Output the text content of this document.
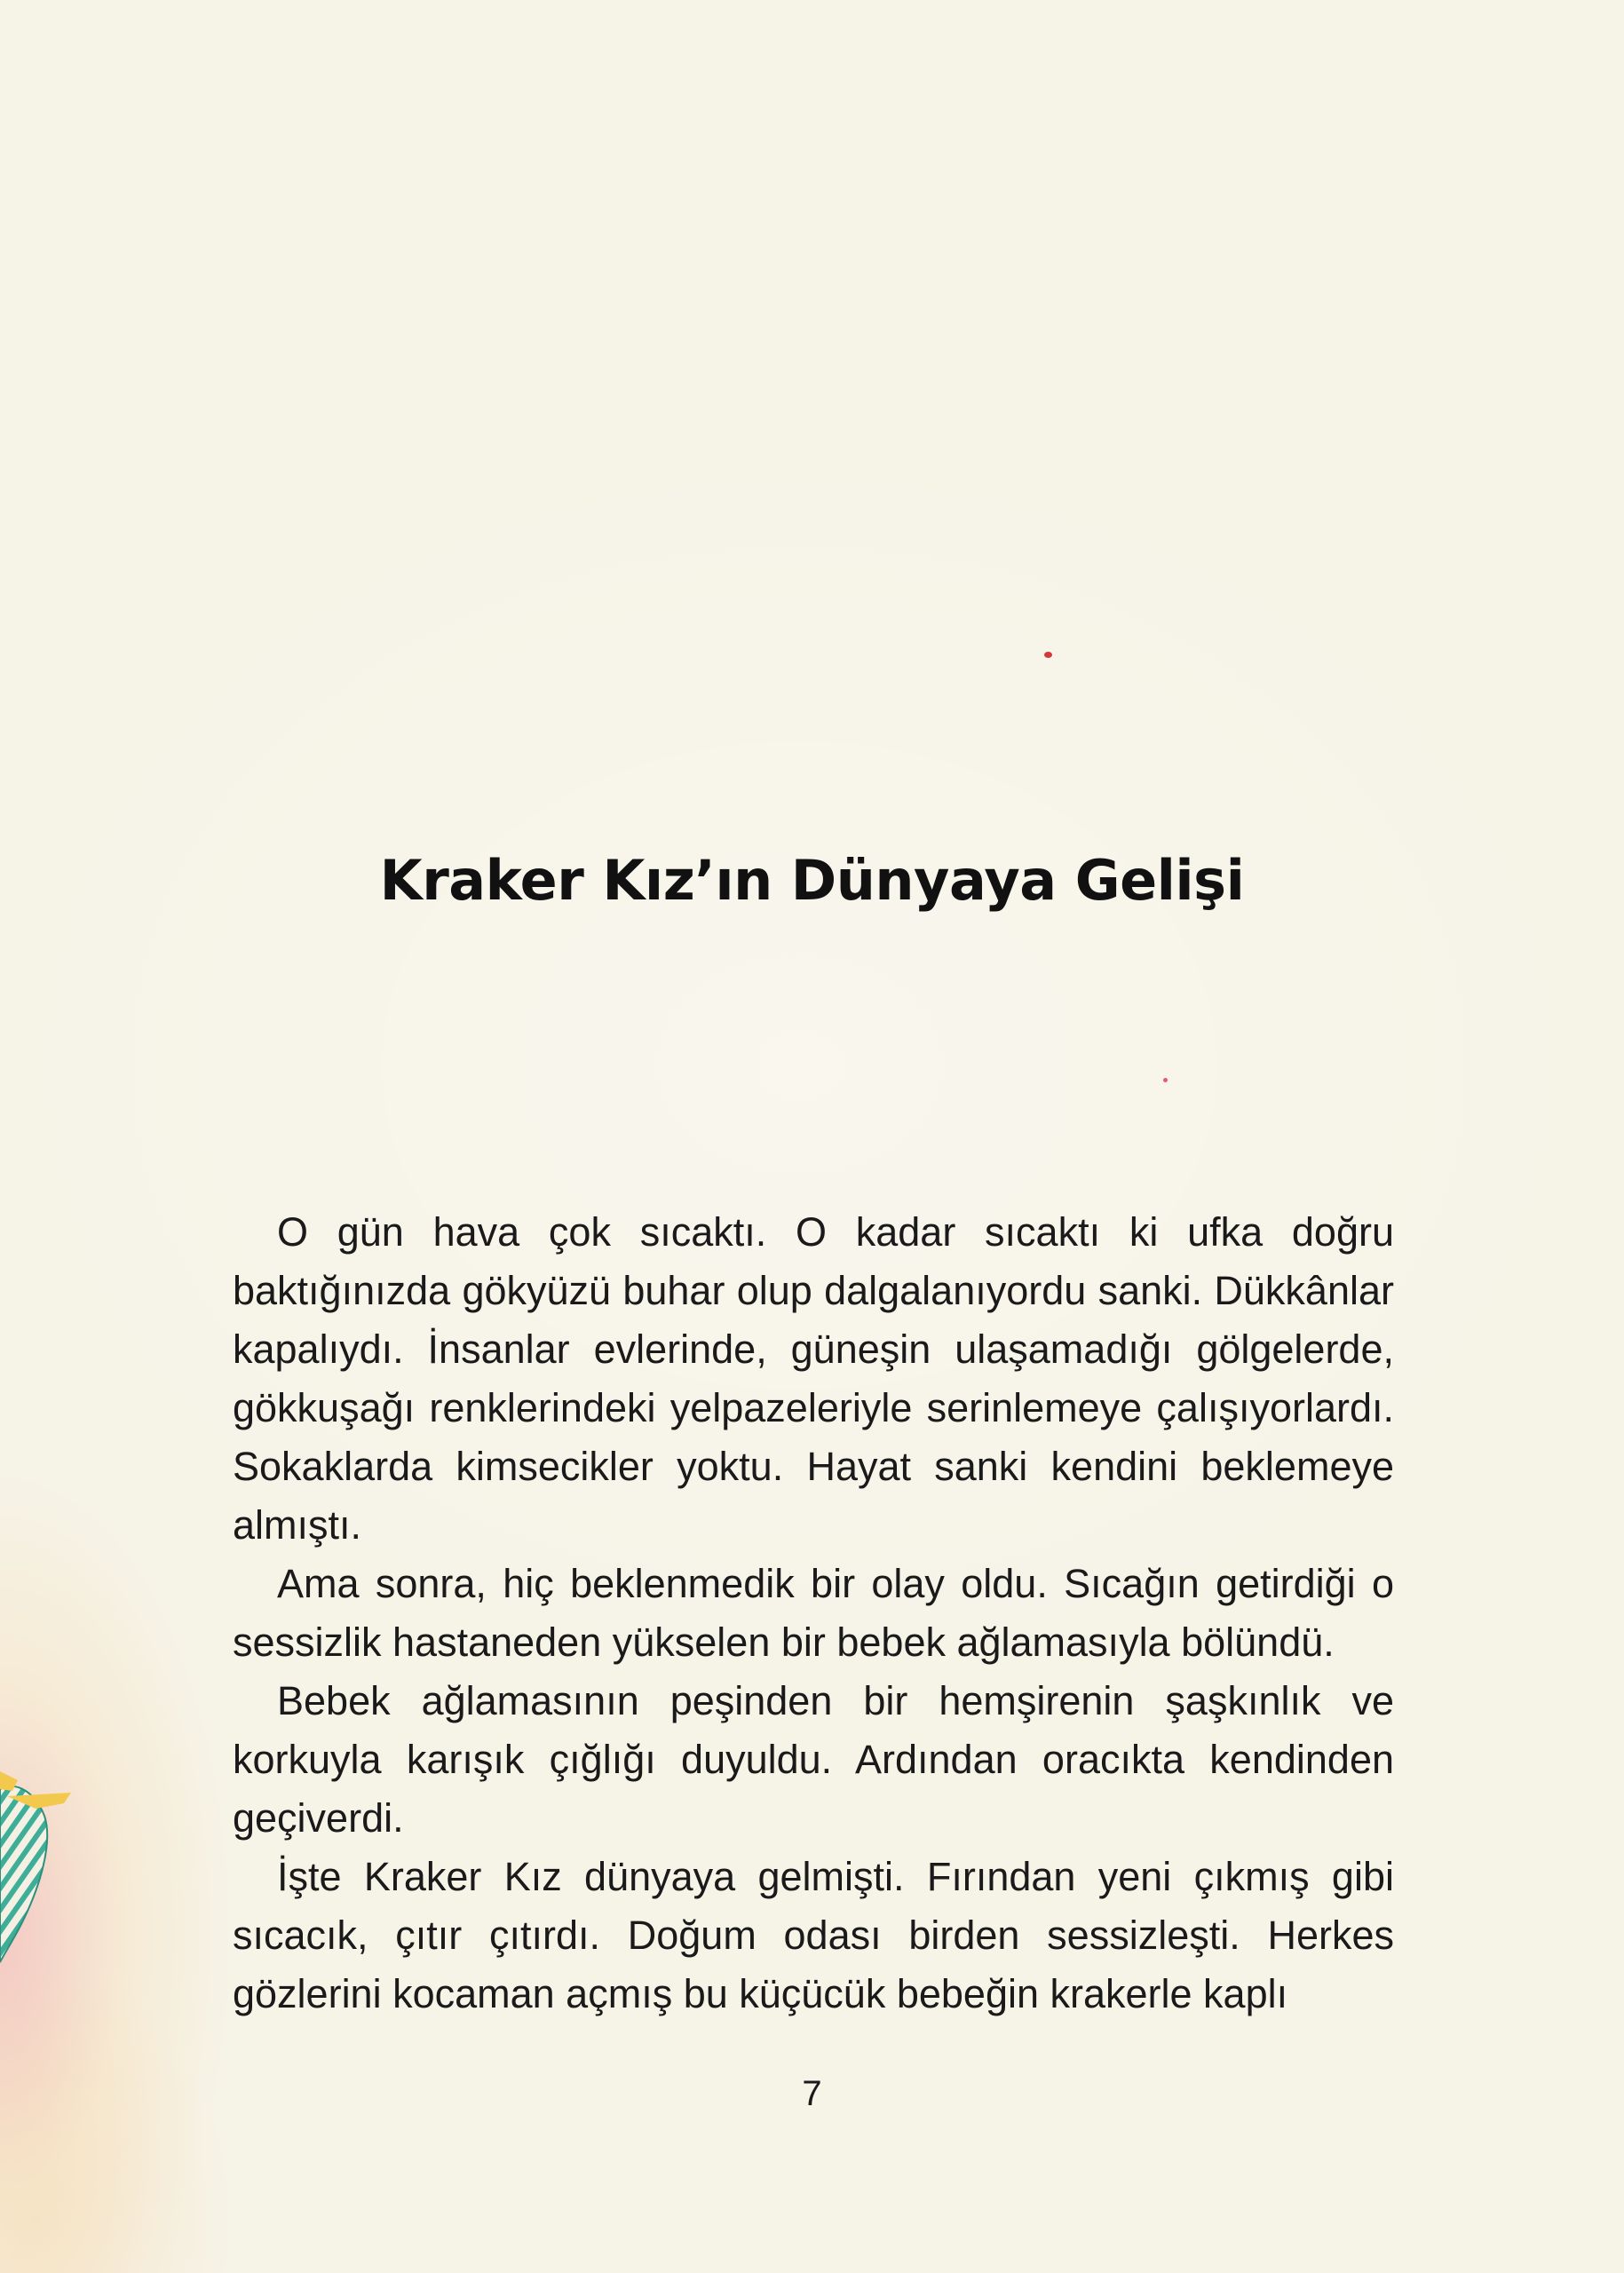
Kraker Kız’ın Dünyaya Gelişi

O gün hava çok sıcaktı. O kadar sıcaktı ki ufka doğru baktığınızda gökyüzü buhar olup dalgalanıyordu sanki. Dükkânlar kapalıydı. İnsanlar evlerinde, güneşin ulaşamadığı gölgelerde, gökkuşağı renklerindeki yelpazeleriyle serinlemeye çalışıyorlardı. Sokaklarda kimsecikler yoktu. Hayat sanki kendini beklemeye almıştı.

Ama sonra, hiç beklenmedik bir olay oldu. Sıcağın getirdiği o sessizlik hastaneden yükselen bir bebek ağlamasıyla bölündü.

Bebek ağlamasının peşinden bir hemşirenin şaşkınlık ve korkuyla karışık çığlığı duyuldu. Ardından oracıkta kendinden geçiverdi.

İşte Kraker Kız dünyaya gelmişti. Fırından yeni çıkmış gibi sıcacık, çıtır çıtırdı. Doğum odası birden sessizleşti. Herkes gözlerini kocaman açmış bu küçücük bebeğin krakerle kaplı

7
